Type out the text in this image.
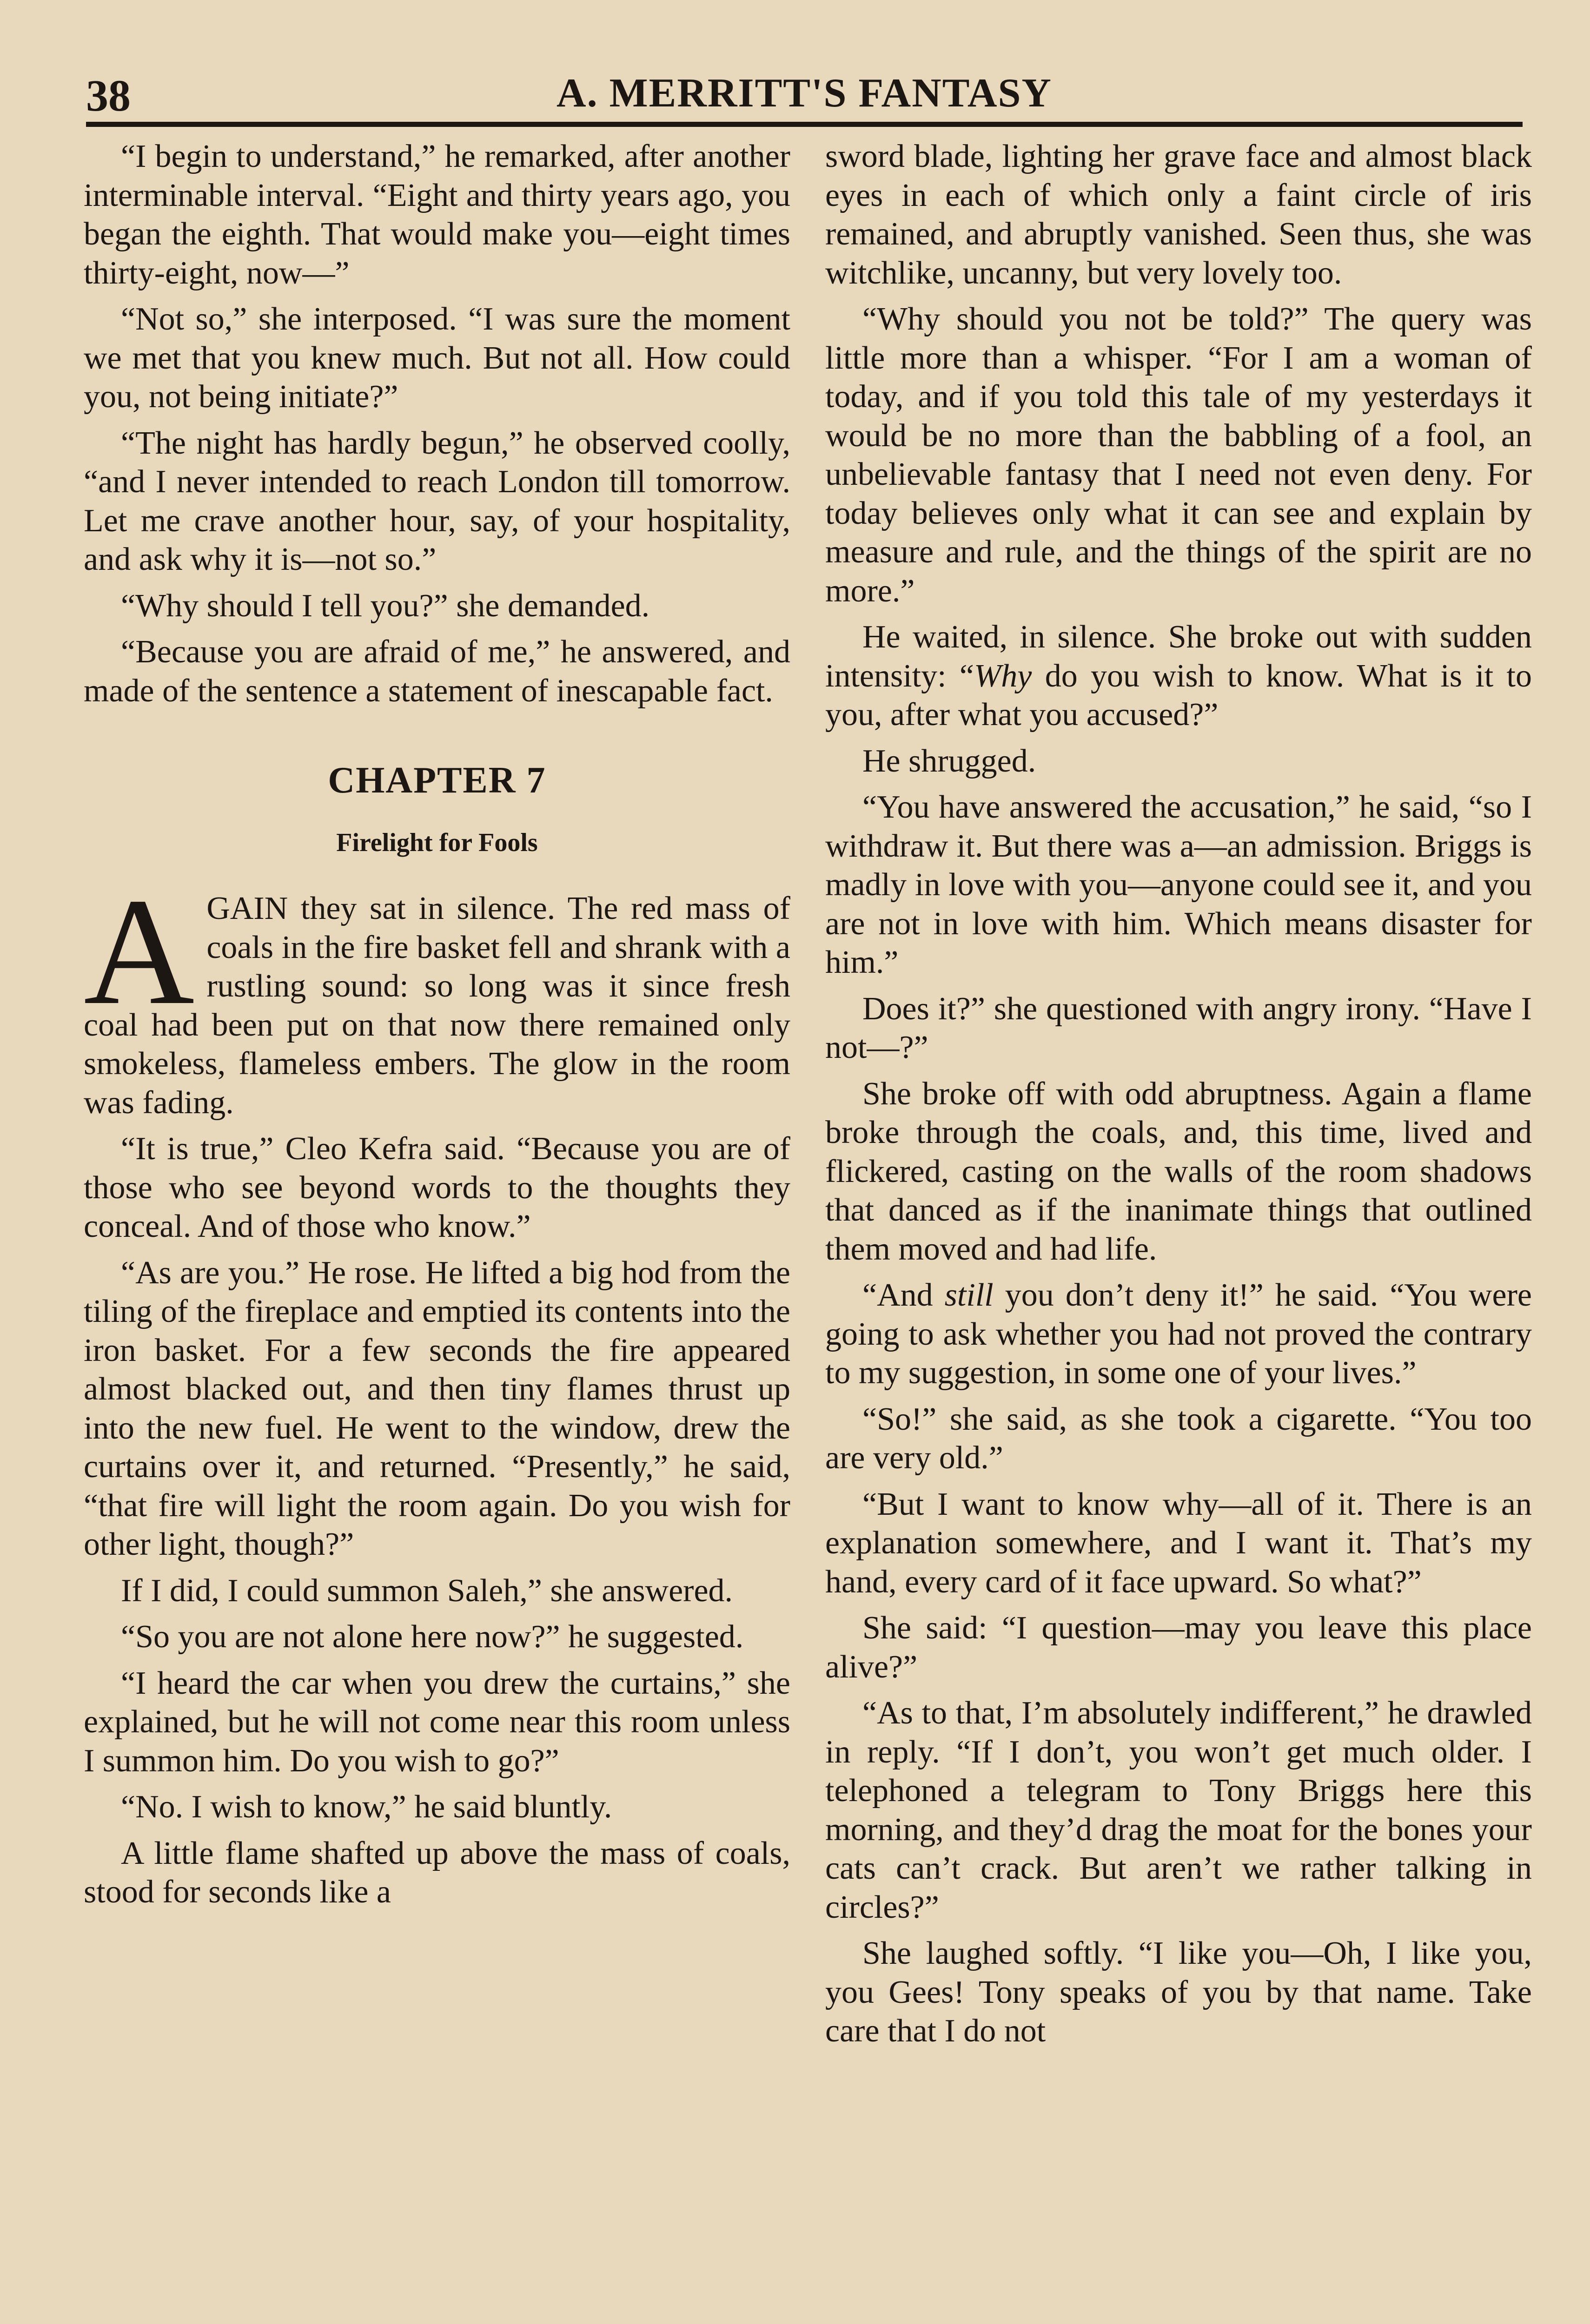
38	A. MERRITT'S FANTASY

“I begin to understand,” he remarked, after another interminable interval. “Eight and thirty years ago, you began the eighth. That would make you—eight times thirty-eight, now—”

“Not so,” she interposed. “I was sure the moment we met that you knew much. But not all. How could you, not being initiate?”

“The night has hardly begun,” he observed coolly, “and I never intended to reach London till tomorrow. Let me crave another hour, say, of your hospitality, and ask why it is—not so.”

“Why should I tell you?” she demanded.

“Because you are afraid of me,” he answered, and made of the sentence a statement of inescapable fact.

CHAPTER 7
Firelight for Fools

AGAIN they sat in silence. The red mass of coals in the fire basket fell and shrank with a rustling sound: so long was it since fresh coal had been put on that now there remained only smokeless, flameless embers. The glow in the room was fading.

“It is true,” Cleo Kefra said. “Because you are of those who see beyond words to the thoughts they conceal. And of those who know.”

“As are you.” He rose. He lifted a big hod from the tiling of the fireplace and emptied its contents into the iron basket. For a few seconds the fire appeared almost blacked out, and then tiny flames thrust up into the new fuel. He went to the window, drew the curtains over it, and returned. “Presently,” he said, “that fire will light the room again. Do you wish for other light, though?”

If I did, I could summon Saleh,” she answered.

“So you are not alone here now?” he suggested.

“I heard the car when you drew the curtains,” she explained, but he will not come near this room unless I summon him. Do you wish to go?”

“No. I wish to know,” he said bluntly.

A little flame shafted up above the mass of coals, stood for seconds like a

sword blade, lighting her grave face and almost black eyes in each of which only a faint circle of iris remained, and abruptly vanished. Seen thus, she was witchlike, uncanny, but very lovely too.

“Why should you not be told?” The query was little more than a whisper. “For I am a woman of today, and if you told this tale of my yesterdays it would be no more than the babbling of a fool, an unbelievable fantasy that I need not even deny. For today believes only what it can see and explain by measure and rule, and the things of the spirit are no more.”

He waited, in silence. She broke out with sudden intensity: “Why do you wish to know. What is it to you, after what you accused?”

He shrugged.

“You have answered the accusation,” he said, “so I withdraw it. But there was a—an admission. Briggs is madly in love with you—anyone could see it, and you are not in love with him. Which means disaster for him.”

Does it?” she questioned with angry irony. “Have I not—?”

She broke off with odd abruptness. Again a flame broke through the coals, and, this time, lived and flickered, casting on the walls of the room shadows that danced as if the inanimate things that outlined them moved and had life.

“And still you don’t deny it!” he said. “You were going to ask whether you had not proved the contrary to my suggestion, in some one of your lives.”

“So!” she said, as she took a cigarette. “You too are very old.”

“But I want to know why—all of it. There is an explanation somewhere, and I want it. That’s my hand, every card of it face upward. So what?”

She said: “I question—may you leave this place alive?”

“As to that, I’m absolutely indifferent,” he drawled in reply. “If I don’t, you won’t get much older. I telephoned a telegram to Tony Briggs here this morning, and they’d drag the moat for the bones your cats can’t crack. But aren’t we rather talking in circles?”

She laughed softly. “I like you—Oh, I like you, you Gees! Tony speaks of you by that name. Take care that I do not
